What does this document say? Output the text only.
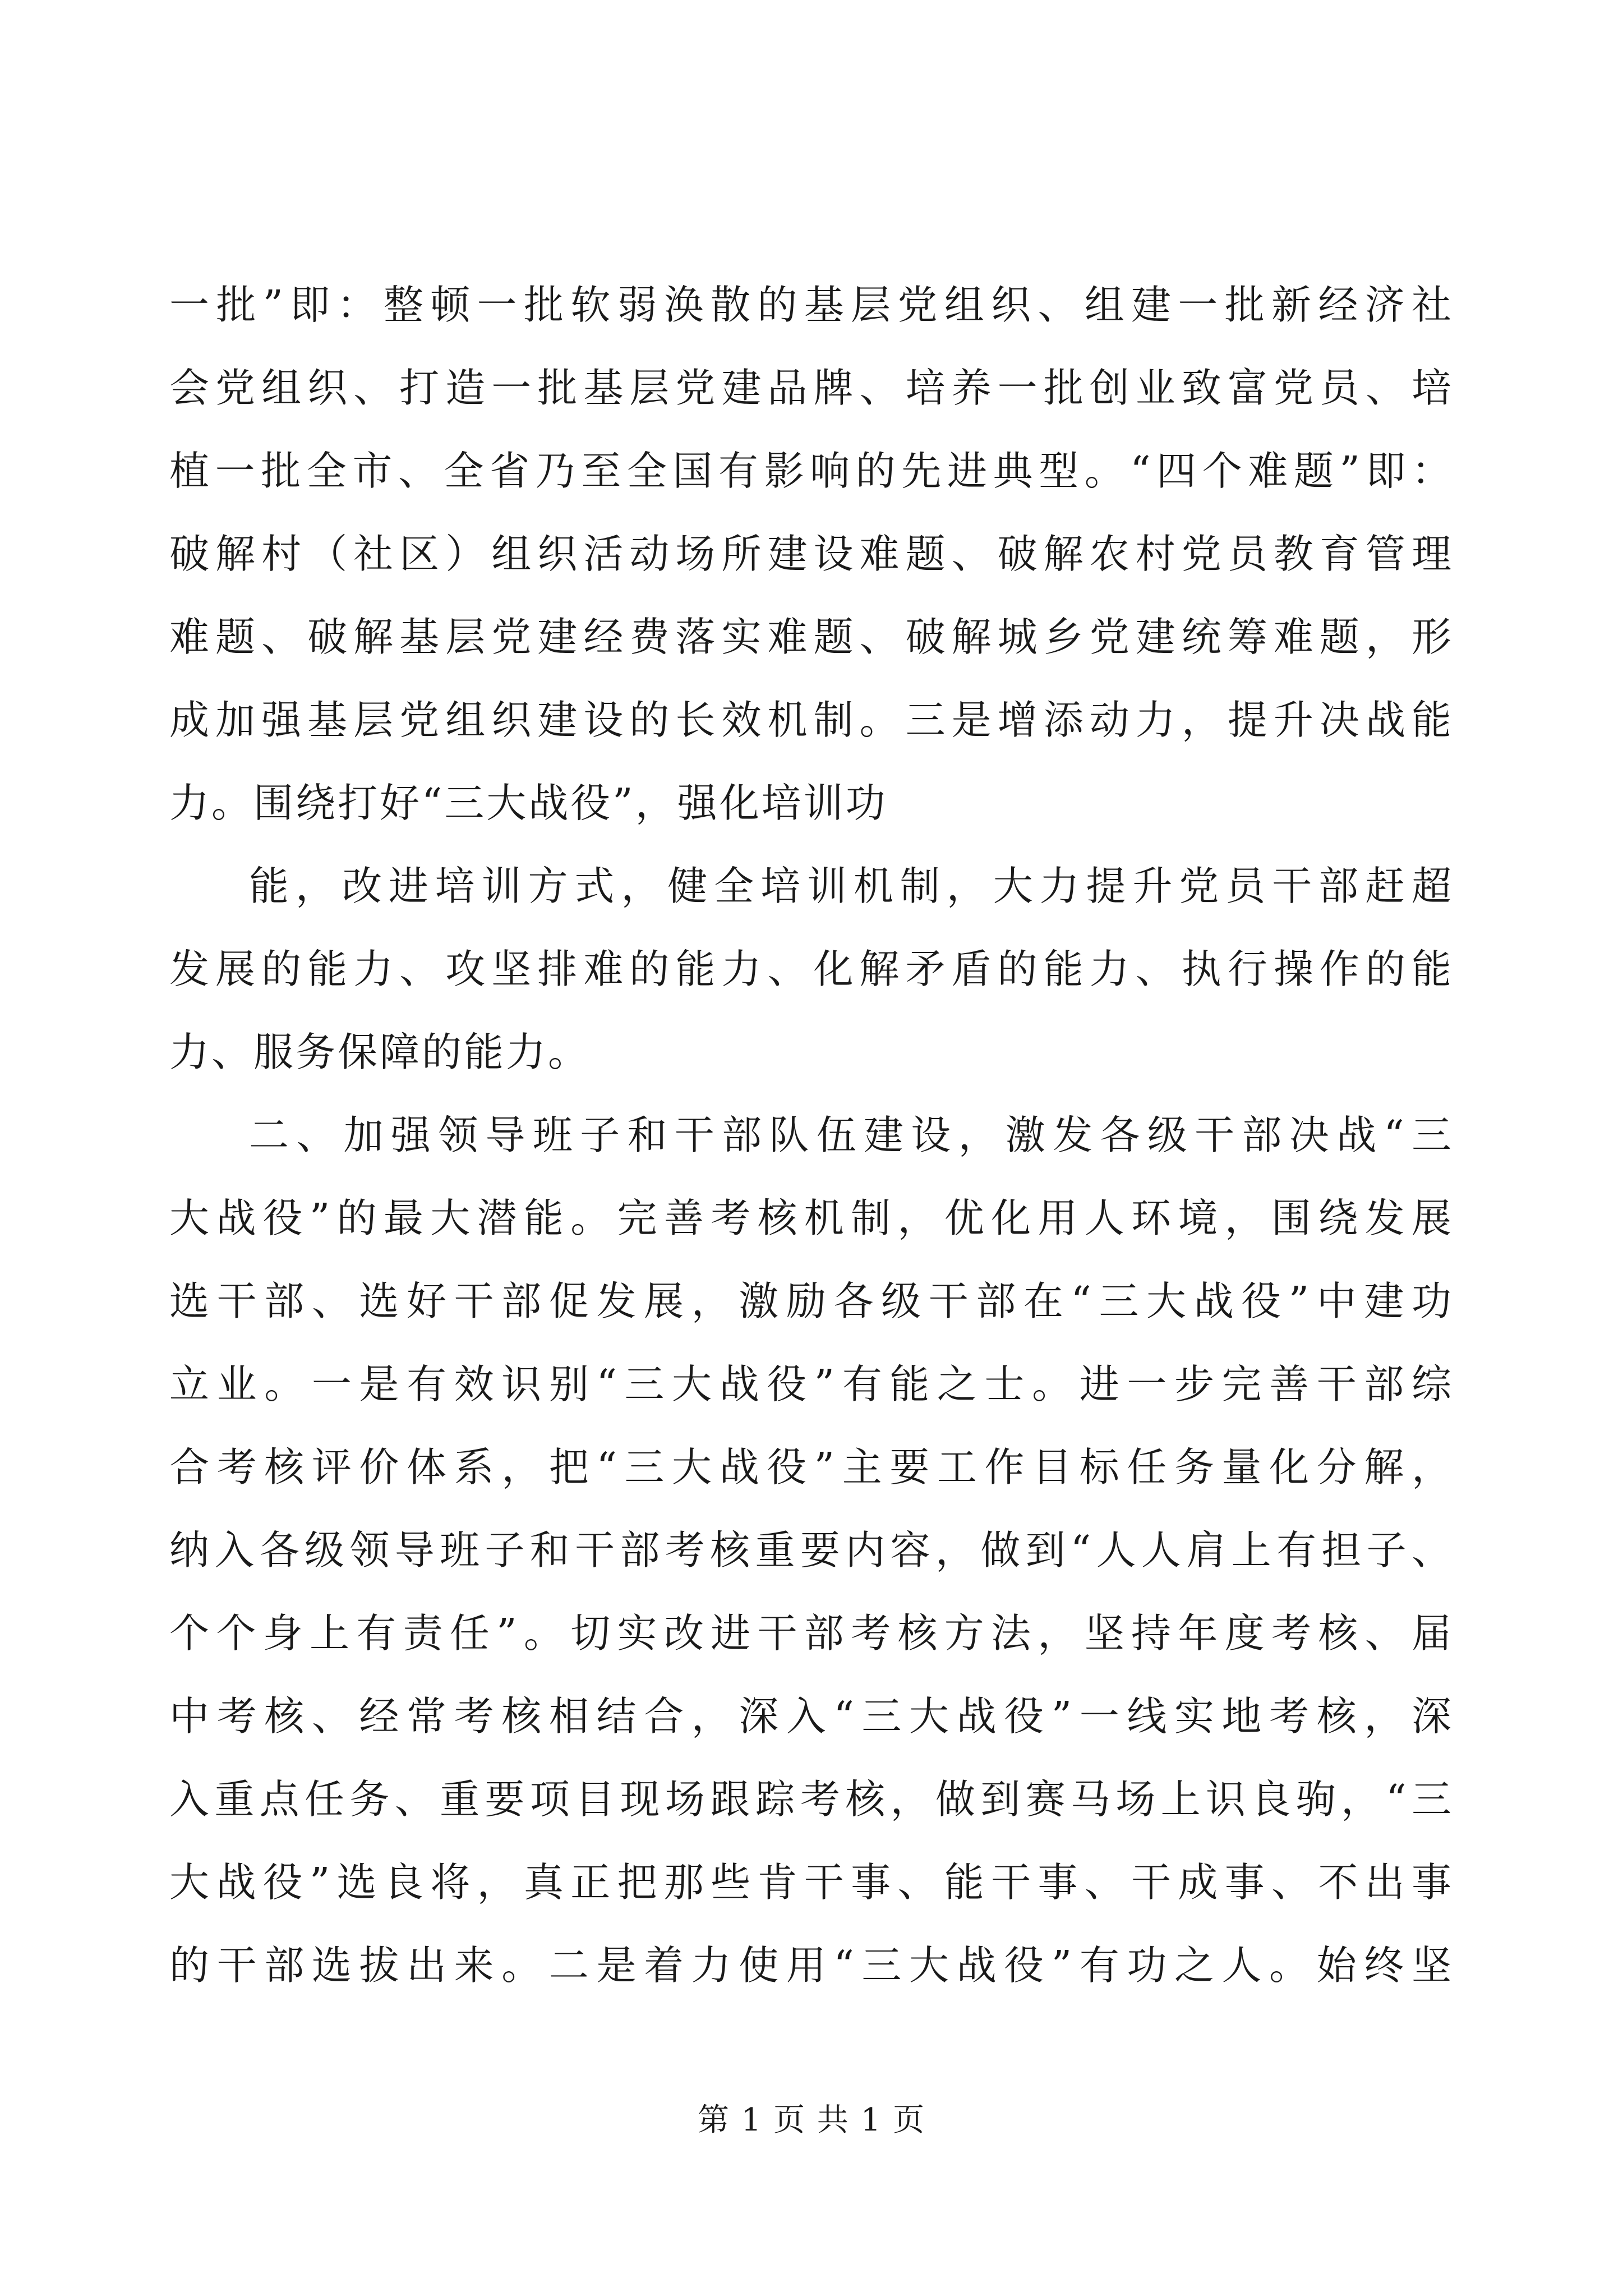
一批”即：整顿一批软弱涣散的基层党组织、组建一批新经济社
会党组织、打造一批基层党建品牌、培养一批创业致富党员、培
植一批全市、全省乃至全国有影响的先进典型。“四个难题”即：
破解村（社区）组织活动场所建设难题、破解农村党员教育管理
难题、破解基层党建经费落实难题、破解城乡党建统筹难题，形
成加强基层党组织建设的长效机制。三是增添动力，提升决战能
力。围绕打好“三大战役”，强化培训功
能，改进培训方式，健全培训机制，大力提升党员干部赶超
发展的能力、攻坚排难的能力、化解矛盾的能力、执行操作的能
力、服务保障的能力。
二、加强领导班子和干部队伍建设，激发各级干部决战“三
大战役”的最大潜能。完善考核机制，优化用人环境，围绕发展
选干部、选好干部促发展，激励各级干部在“三大战役”中建功
立业。一是有效识别“三大战役”有能之士。进一步完善干部综
合考核评价体系，把“三大战役”主要工作目标任务量化分解，
纳入各级领导班子和干部考核重要内容，做到“人人肩上有担子、
个个身上有责任”。切实改进干部考核方法，坚持年度考核、届
中考核、经常考核相结合，深入“三大战役”一线实地考核，深
入重点任务、重要项目现场跟踪考核，做到赛马场上识良驹，“三
大战役”选良将，真正把那些肯干事、能干事、干成事、不出事
的干部选拔出来。二是着力使用“三大战役”有功之人。始终坚
第 1 页 共 1 页
